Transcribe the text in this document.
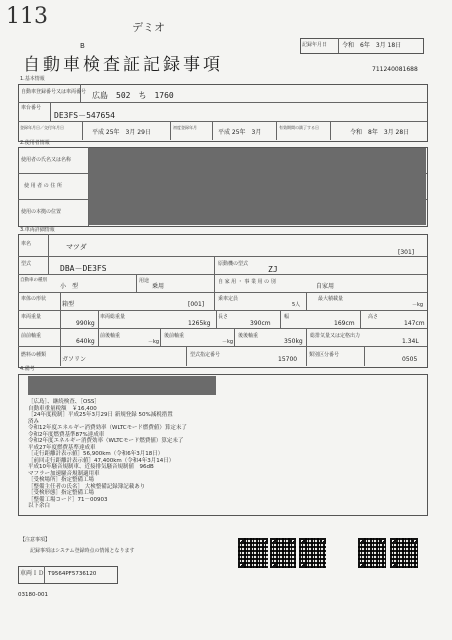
113	デミオ
記録年月日 令和　6年　3月 18日
B
自動車検査証記録事項	711240081688
1.基本情報
自動車登録番号又は車両番号 広島　502　ち　1760
車台番号
DE3FS－547654
登録年月日／交付年月日
平成 25年　3月 29日
初度登録年月
平成 25年　3月
有効期間の満了する日
令和　8年　3月 28日
2.使用者情報
使用者の氏名又は名称
使 用 者 の 住 所
使用の本拠の位置
3.車両詳細情報
車名	マツダ
[301]
型式	DBA－DE3FS	原動機の型式
ZJ
自動車の種別
小　型
用途
乗用
自 家 用 ・ 事 業 用 の 別
自家用
車体の形状
箱型	[001]
乗車定員
5人
最大積載量
－kg
車両重量
990kg
車両総重量
1265kg
長さ
390cm
幅
169cm
高さ
147cm
前前軸重
640kg
前後軸重
－kg
後前軸重
－kg
後後軸重
350kg
総排気量又は定格出力
1.34L
燃料の種類
ガソリン
型式指定番号
15700
類別区分番号
0505
4.備考
［広島］、継続検査、［OSS］
自動車重量税額　￥16,400
［24年度税制］平成25年3月29日 新規登録 50%減税措置
済み
令和12年度エネルギー消費効率（WLTCモード燃費値）算定未了
令和2年度燃費基準87%達成車
令和2年度エネルギー消費効率（WLTCモード燃費値）算定未了
平成27年度燃費基準達成車
［走行距離計表示値］56,900km（令和6年3月18日）
［前回走行距離計表示値］47,400km（令和4年3月14日）
平成10年騒音規制車、近接排気騒音規制値　96dB
マフラー加速騒音規制適用車
［受検場所］指定整備工場
［整備主任者の氏名］ 大検整備記録簿記載あり
［受検形態］指定整備工場
［整備工場コード］71－00903
以下余白
【注意事項】
記録事項はシステム登録時点の情報となります
車両ＩＤ T9564PF5736120
03180-001
